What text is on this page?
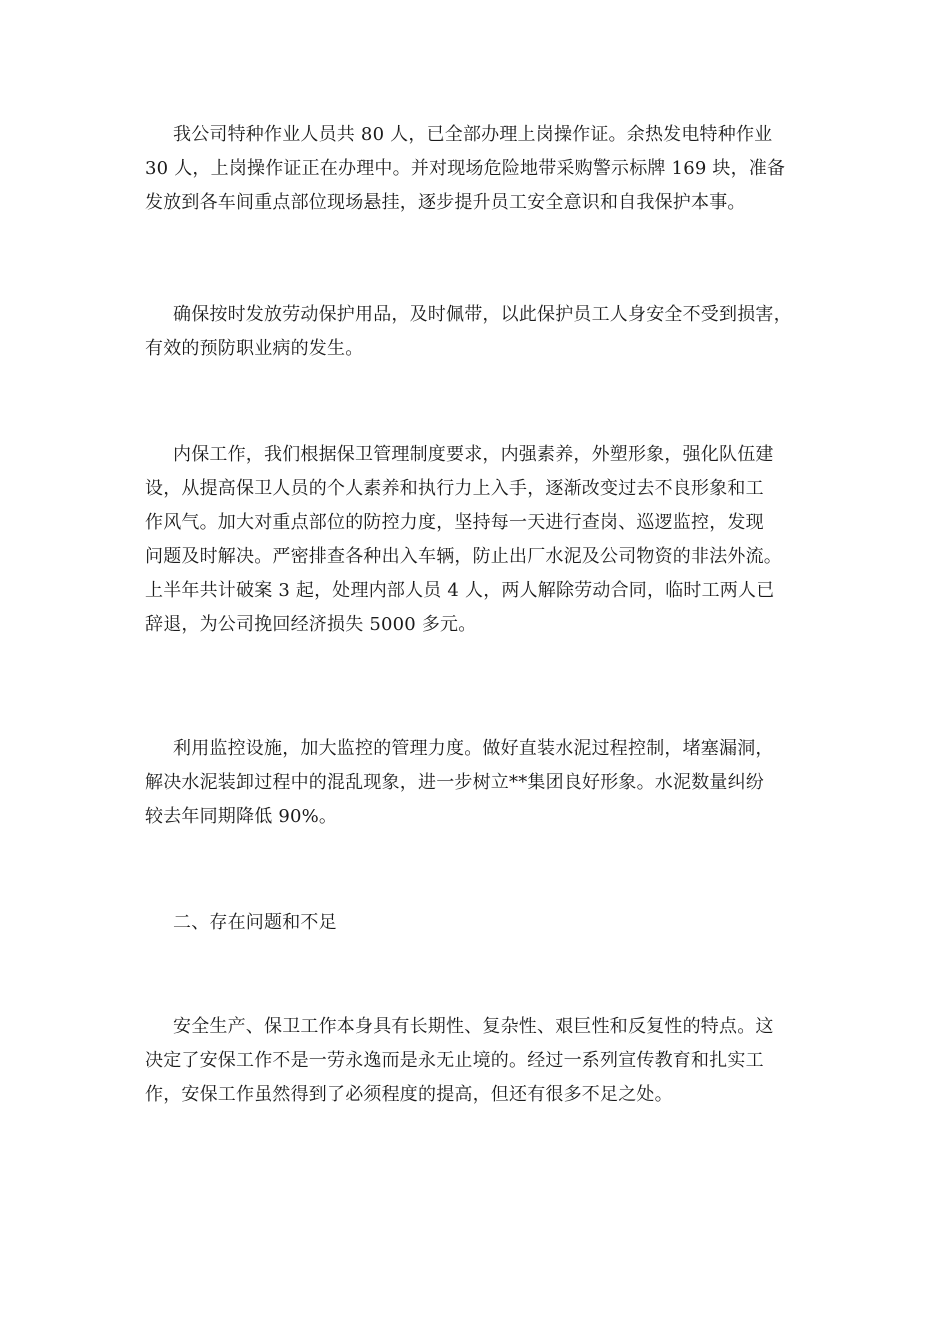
我公司特种作业人员共 80 人，已全部办理上岗操作证。余热发电特种作业
30 人，上岗操作证正在办理中。并对现场危险地带采购警示标牌 169 块，准备
发放到各车间重点部位现场悬挂，逐步提升员工安全意识和自我保护本事。

确保按时发放劳动保护用品，及时佩带，以此保护员工人身安全不受到损害，
有效的预防职业病的发生。

内保工作，我们根据保卫管理制度要求，内强素养，外塑形象，强化队伍建
设，从提高保卫人员的个人素养和执行力上入手，逐渐改变过去不良形象和工
作风气。加大对重点部位的防控力度，坚持每一天进行查岗、巡逻监控，发现
问题及时解决。严密排查各种出入车辆，防止出厂水泥及公司物资的非法外流。
上半年共计破案 3 起，处理内部人员 4 人，两人解除劳动合同，临时工两人已
辞退，为公司挽回经济损失 5000 多元。

利用监控设施，加大监控的管理力度。做好直装水泥过程控制，堵塞漏洞，
解决水泥装卸过程中的混乱现象，进一步树立**集团良好形象。水泥数量纠纷
较去年同期降低 90%。

二、存在问题和不足

安全生产、保卫工作本身具有长期性、复杂性、艰巨性和反复性的特点。这
决定了安保工作不是一劳永逸而是永无止境的。经过一系列宣传教育和扎实工
作，安保工作虽然得到了必须程度的提高，但还有很多不足之处。
